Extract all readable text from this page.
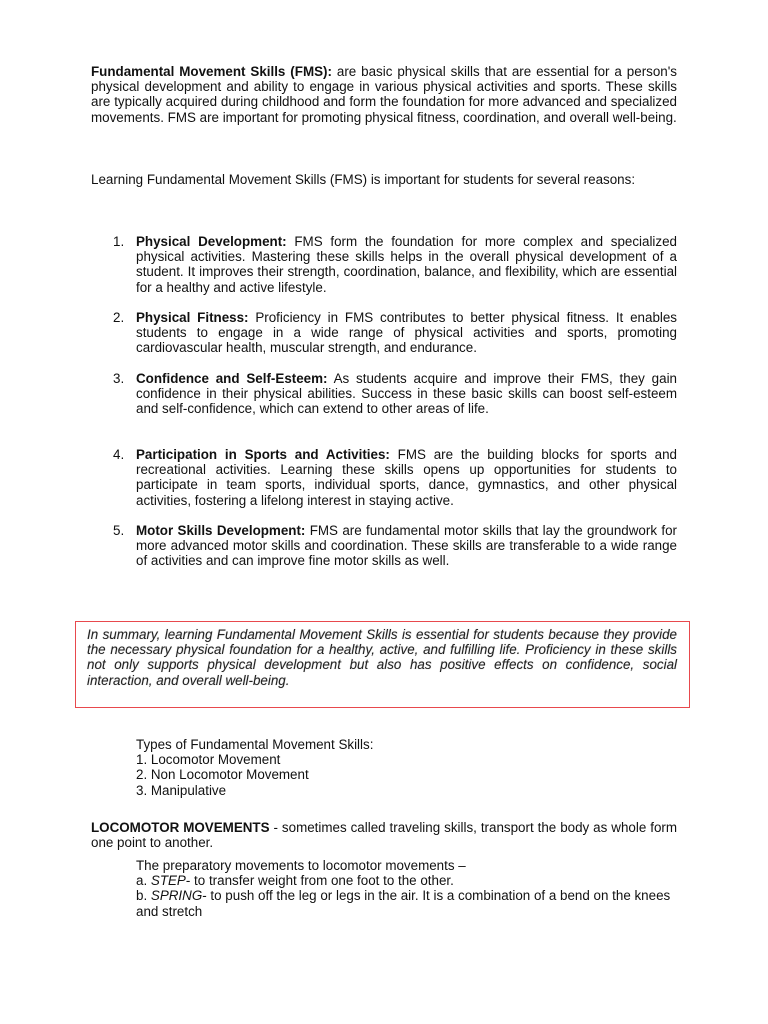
Fundamental Movement Skills (FMS): are basic physical skills that are essential for a person's physical development and ability to engage in various physical activities and sports. These skills are typically acquired during childhood and form the foundation for more advanced and specialized movements. FMS are important for promoting physical fitness, coordination, and overall well-being.

Learning Fundamental Movement Skills (FMS) is important for students for several reasons:

1. Physical Development: FMS form the foundation for more complex and specialized physical activities. Mastering these skills helps in the overall physical development of a student. It improves their strength, coordination, balance, and flexibility, which are essential for a healthy and active lifestyle.
2. Physical Fitness: Proficiency in FMS contributes to better physical fitness. It enables students to engage in a wide range of physical activities and sports, promoting cardiovascular health, muscular strength, and endurance.
3. Confidence and Self-Esteem: As students acquire and improve their FMS, they gain confidence in their physical abilities. Success in these basic skills can boost self-esteem and self-confidence, which can extend to other areas of life.
4. Participation in Sports and Activities: FMS are the building blocks for sports and recreational activities. Learning these skills opens up opportunities for students to participate in team sports, individual sports, dance, gymnastics, and other physical activities, fostering a lifelong interest in staying active.
5. Motor Skills Development: FMS are fundamental motor skills that lay the groundwork for more advanced motor skills and coordination. These skills are transferable to a wide range of activities and can improve fine motor skills as well.
In summary, learning Fundamental Movement Skills is essential for students because they provide the necessary physical foundation for a healthy, active, and fulfilling life. Proficiency in these skills not only supports physical development but also has positive effects on confidence, social interaction, and overall well-being.
Types of Fundamental Movement Skills:
1. Locomotor Movement
2. Non Locomotor Movement
3. Manipulative

LOCOMOTOR MOVEMENTS - sometimes called traveling skills, transport the body as whole form one point to another.

The preparatory movements to locomotor movements –
a. STEP- to transfer weight from one foot to the other.
b. SPRING- to push off the leg or legs in the air. It is a combination of a bend on the knees and stretch
